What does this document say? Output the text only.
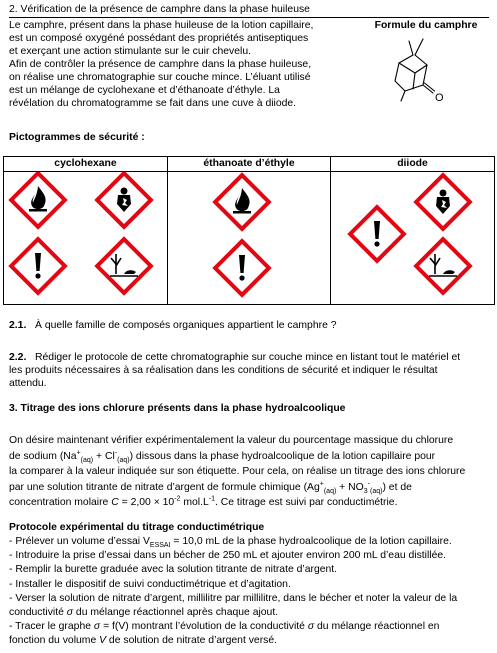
2. Vérification de la présence de camphre dans la phase huileuse
Le camphre, présent dans la phase huileuse de la lotion capillaire,
est un composé oxygéné possédant des propriétés antiseptiques
et exerçant une action stimulante sur le cuir chevelu.
Afin de contrôler la présence de camphre dans la phase huileuse,
on réalise une chromatographie sur couche mince. L’éluant utilisé
est un mélange de cyclohexane et d’éthanoate d’éthyle. La
révélation du chromatogramme se fait dans une cuve à diiode.
Formule du camphre
O
Pictogrammes de sécurité :
cyclohexane	éthanoate d’éthyle	diiode

2.1. À quelle famille de composés organiques appartient le camphre ?
2.2. Rédiger le protocole de cette chromatographie sur couche mince en listant tout le matériel et
les produits nécessaires à sa réalisation dans les conditions de sécurité et indiquer le résultat
attendu.
3. Titrage des ions chlorure présents dans la phase hydroalcoolique
On désire maintenant vérifier expérimentalement la valeur du pourcentage massique du chlorure
de sodium $(Na^+_{(aq)} + Cl^-_{(aq)})$ dissous dans la phase hydroalcoolique de la lotion capillaire pour
la comparer à la valeur indiquée sur son étiquette. Pour cela, on réalise un titrage des ions chlorure
par une solution titrante de nitrate d’argent de formule chimique $(Ag^+_{(aq)} + NO_3^-_{(aq)})$ et de
concentration molaire $C = 2,00 \times 10^{-2}$ $mol.L^{-1}$. Ce titrage est suivi par conductimétrie.
Protocole expérimental du titrage conductimétrique
- Prélever un volume d’essai $V_{ESSAI} = 10,0$ mL de la phase hydroalcoolique de la lotion capillaire.
- Introduire la prise d’essai dans un bécher de 250 mL et ajouter environ 200 mL d’eau distillée.
- Remplir la burette graduée avec la solution titrante de nitrate d’argent.
- Installer le dispositif de suivi conductimétrique et d’agitation.
- Verser la solution de nitrate d’argent, millilitre par millilitre, dans le bécher et noter la valeur de la
conductivité σ du mélange réactionnel après chaque ajout.
- Tracer le graphe σ = f(V) montrant l’évolution de la conductivité σ du mélange réactionnel en
fonction du volume V de solution de nitrate d’argent versé.
